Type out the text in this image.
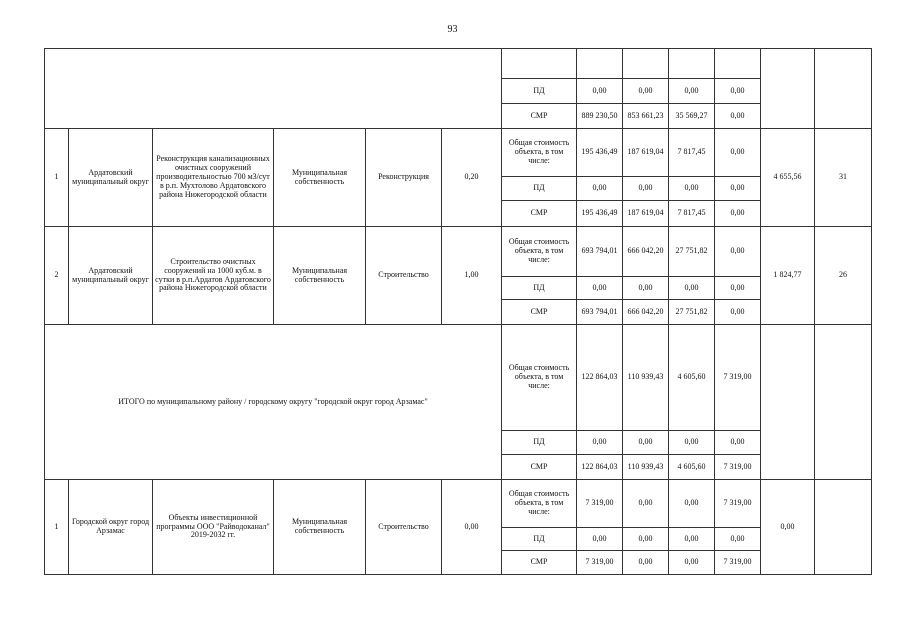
93

						ПД	0,00	0,00	0,00	0,00		
						СМР	889 230,50	853 661,23	35 569,27	0,00		
1	Ардатовский муниципальный округ	Реконструкция канализационных очистных сооружений производительностью 700 м3/сут в р.п. Мухтолово Ардатовского района Нижегородской области	Муниципальная собственность	Реконструкция	0,20	Общая стоимость объекта, в том числе:	195 436,49	187 619,04	7 817,45	0,00	4 655,56	31
						ПД	0,00	0,00	0,00	0,00		
						СМР	195 436,49	187 619,04	7 817,45	0,00		
2	Ардатовский муниципальный округ	Строительство очистных сооружений на 1000 куб.м. в сутки в р.п.Ардатов Ардатовского района Нижегородской области	Муниципальная собственность	Строительство	1,00	Общая стоимость объекта, в том числе:	693 794,01	666 042,20	27 751,82	0,00	1 824,77	26
						ПД	0,00	0,00	0,00	0,00		
						СМР	693 794,01	666 042,20	27 751,82	0,00		
ИТОГО по муниципальному району / городскому округу "городской округ город Арзамас"						Общая стоимость объекта, в том числе:	122 864,03	110 939,43	4 605,60	7 319,00		
						ПД	0,00	0,00	0,00	0,00		
						СМР	122 864,03	110 939,43	4 605,60	7 319,00		
1	Городской округ город Арзамас	Объекты инвестиционной программы ООО "Райводоканал" 2019-2032 гг.	Муниципальная собственность	Строительство	0,00	Общая стоимость объекта, в том числе:	7 319,00	0,00	0,00	7 319,00	0,00	
						ПД	0,00	0,00	0,00	0,00		
						СМР	7 319,00	0,00	0,00	7 319,00		
